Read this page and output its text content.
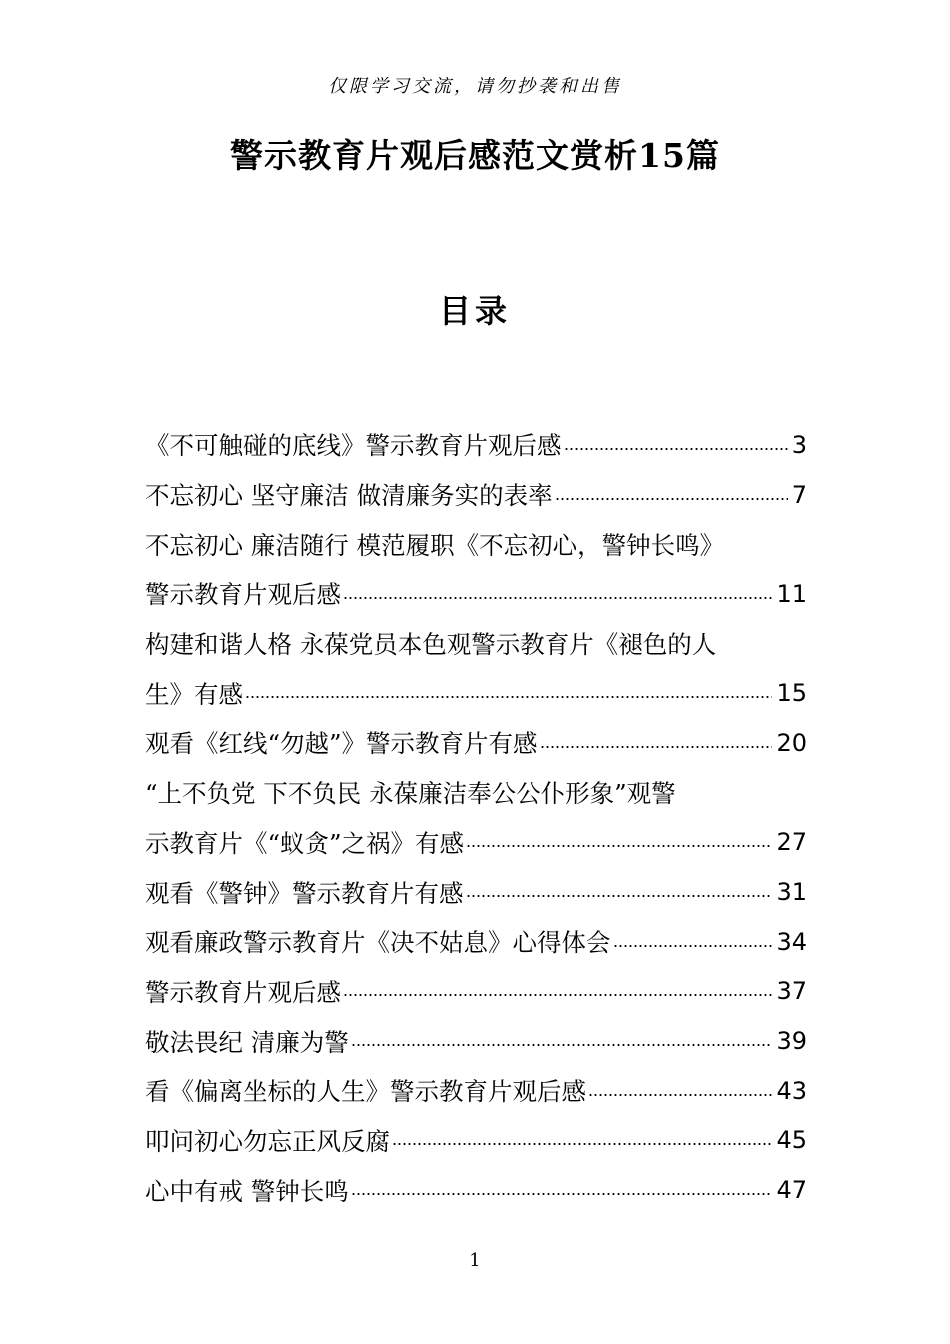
仅限学习交流，请勿抄袭和出售
警示教育片观后感范文赏析15篇
目录
《不可触碰的底线》警示教育片观后感	3
不忘初心 坚守廉洁 做清廉务实的表率	7
不忘初心 廉洁随行 模范履职《不忘初心，警钟长鸣》
警示教育片观后感	11
构建和谐人格 永葆党员本色观警示教育片《褪色的人
生》有感	15
观看《红线“勿越”》警示教育片有感	20
“上不负党 下不负民 永葆廉洁奉公公仆形象”观警
示教育片《“蚁贪”之祸》有感	27
观看《警钟》警示教育片有感	31
观看廉政警示教育片《决不姑息》心得体会	34
警示教育片观后感	37
敬法畏纪 清廉为警	39
看《偏离坐标的人生》警示教育片观后感	43
叩问初心勿忘正风反腐	45
心中有戒 警钟长鸣	47
1
